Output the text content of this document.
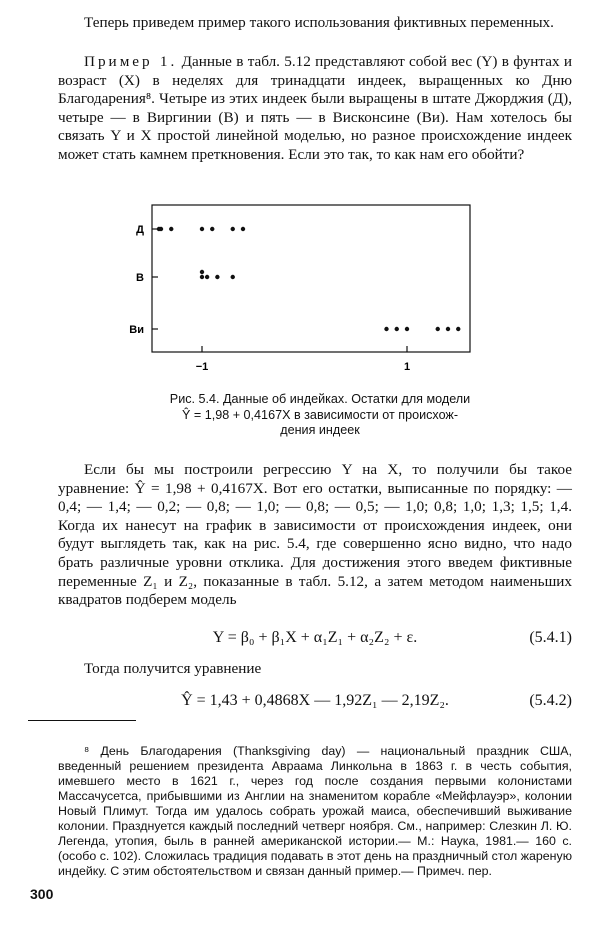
Теперь приведем пример такого использования фиктивных переменных.

Пример 1. Данные в табл. 5.12 представляют собой вес (Y) в фунтах и возраст (X) в неделях для тринадцати индеек, выращенных ко Дню Благодарения⁸. Четыре из этих индеек были выращены в штате Джорджия (Д), четыре — в Виргинии (В) и пять — в Висконсине (Ви). Нам хотелось бы связать Y и X простой линейной моделью, но разное происхождение индеек может стать камнем преткновения. Если это так, то как нам его обойти?

Д
В
Ви
−1	1
Рис. 5.4. Данные об индейках. Остатки для модели
Ŷ = 1,98 + 0,4167X в зависимости от происхож-
дения индеек

Если бы мы построили регрессию Y на X, то получили бы такое уравнение: Ŷ = 1,98 + 0,4167X. Вот его остатки, выписанные по порядку: — 0,4; — 1,4; — 0,2; — 0,8; — 1,0; — 0,8; — 0,5; — 1,0; 0,8; 1,0; 1,3; 1,5; 1,4. Когда их нанесут на график в зависимости от происхождения индеек, они будут выглядеть так, как на рис. 5.4, где совершенно ясно видно, что надо брать различные уровни отклика. Для достижения этого введем фиктивные переменные Z₁ и Z₂, показанные в табл. 5.12, а затем методом наименьших квадратов подберем модель

Y = β₀ + β₁X + α₁Z₁ + α₂Z₂ + ε.	(5.4.1)

Тогда получится уравнение

Ŷ = 1,43 + 0,4868X — 1,92Z₁ — 2,19Z₂.	(5.4.2)

⁸ День Благодарения (Thanksgiving day) — национальный праздник США, введенный решением президента Авраама Линкольна в 1863 г. в честь события, имевшего место в 1621 г., через год после создания первыми колонистами Массачусетса, прибывшими из Англии на знаменитом корабле «Мейфлауэр», колонии Новый Плимут. Тогда им удалось собрать урожай маиса, обеспечивший выживание колонии. Празднуется каждый последний четверг ноября. См., например: Слезкин Л. Ю. Легенда, утопия, быль в ранней американской истории.— М.: Наука, 1981.— 160 с. (особо с. 102). Сложилась традиция подавать в этот день на праздничный стол жареную индейку. С этим обстоятельством и связан данный пример.— Примеч. пер.

300
